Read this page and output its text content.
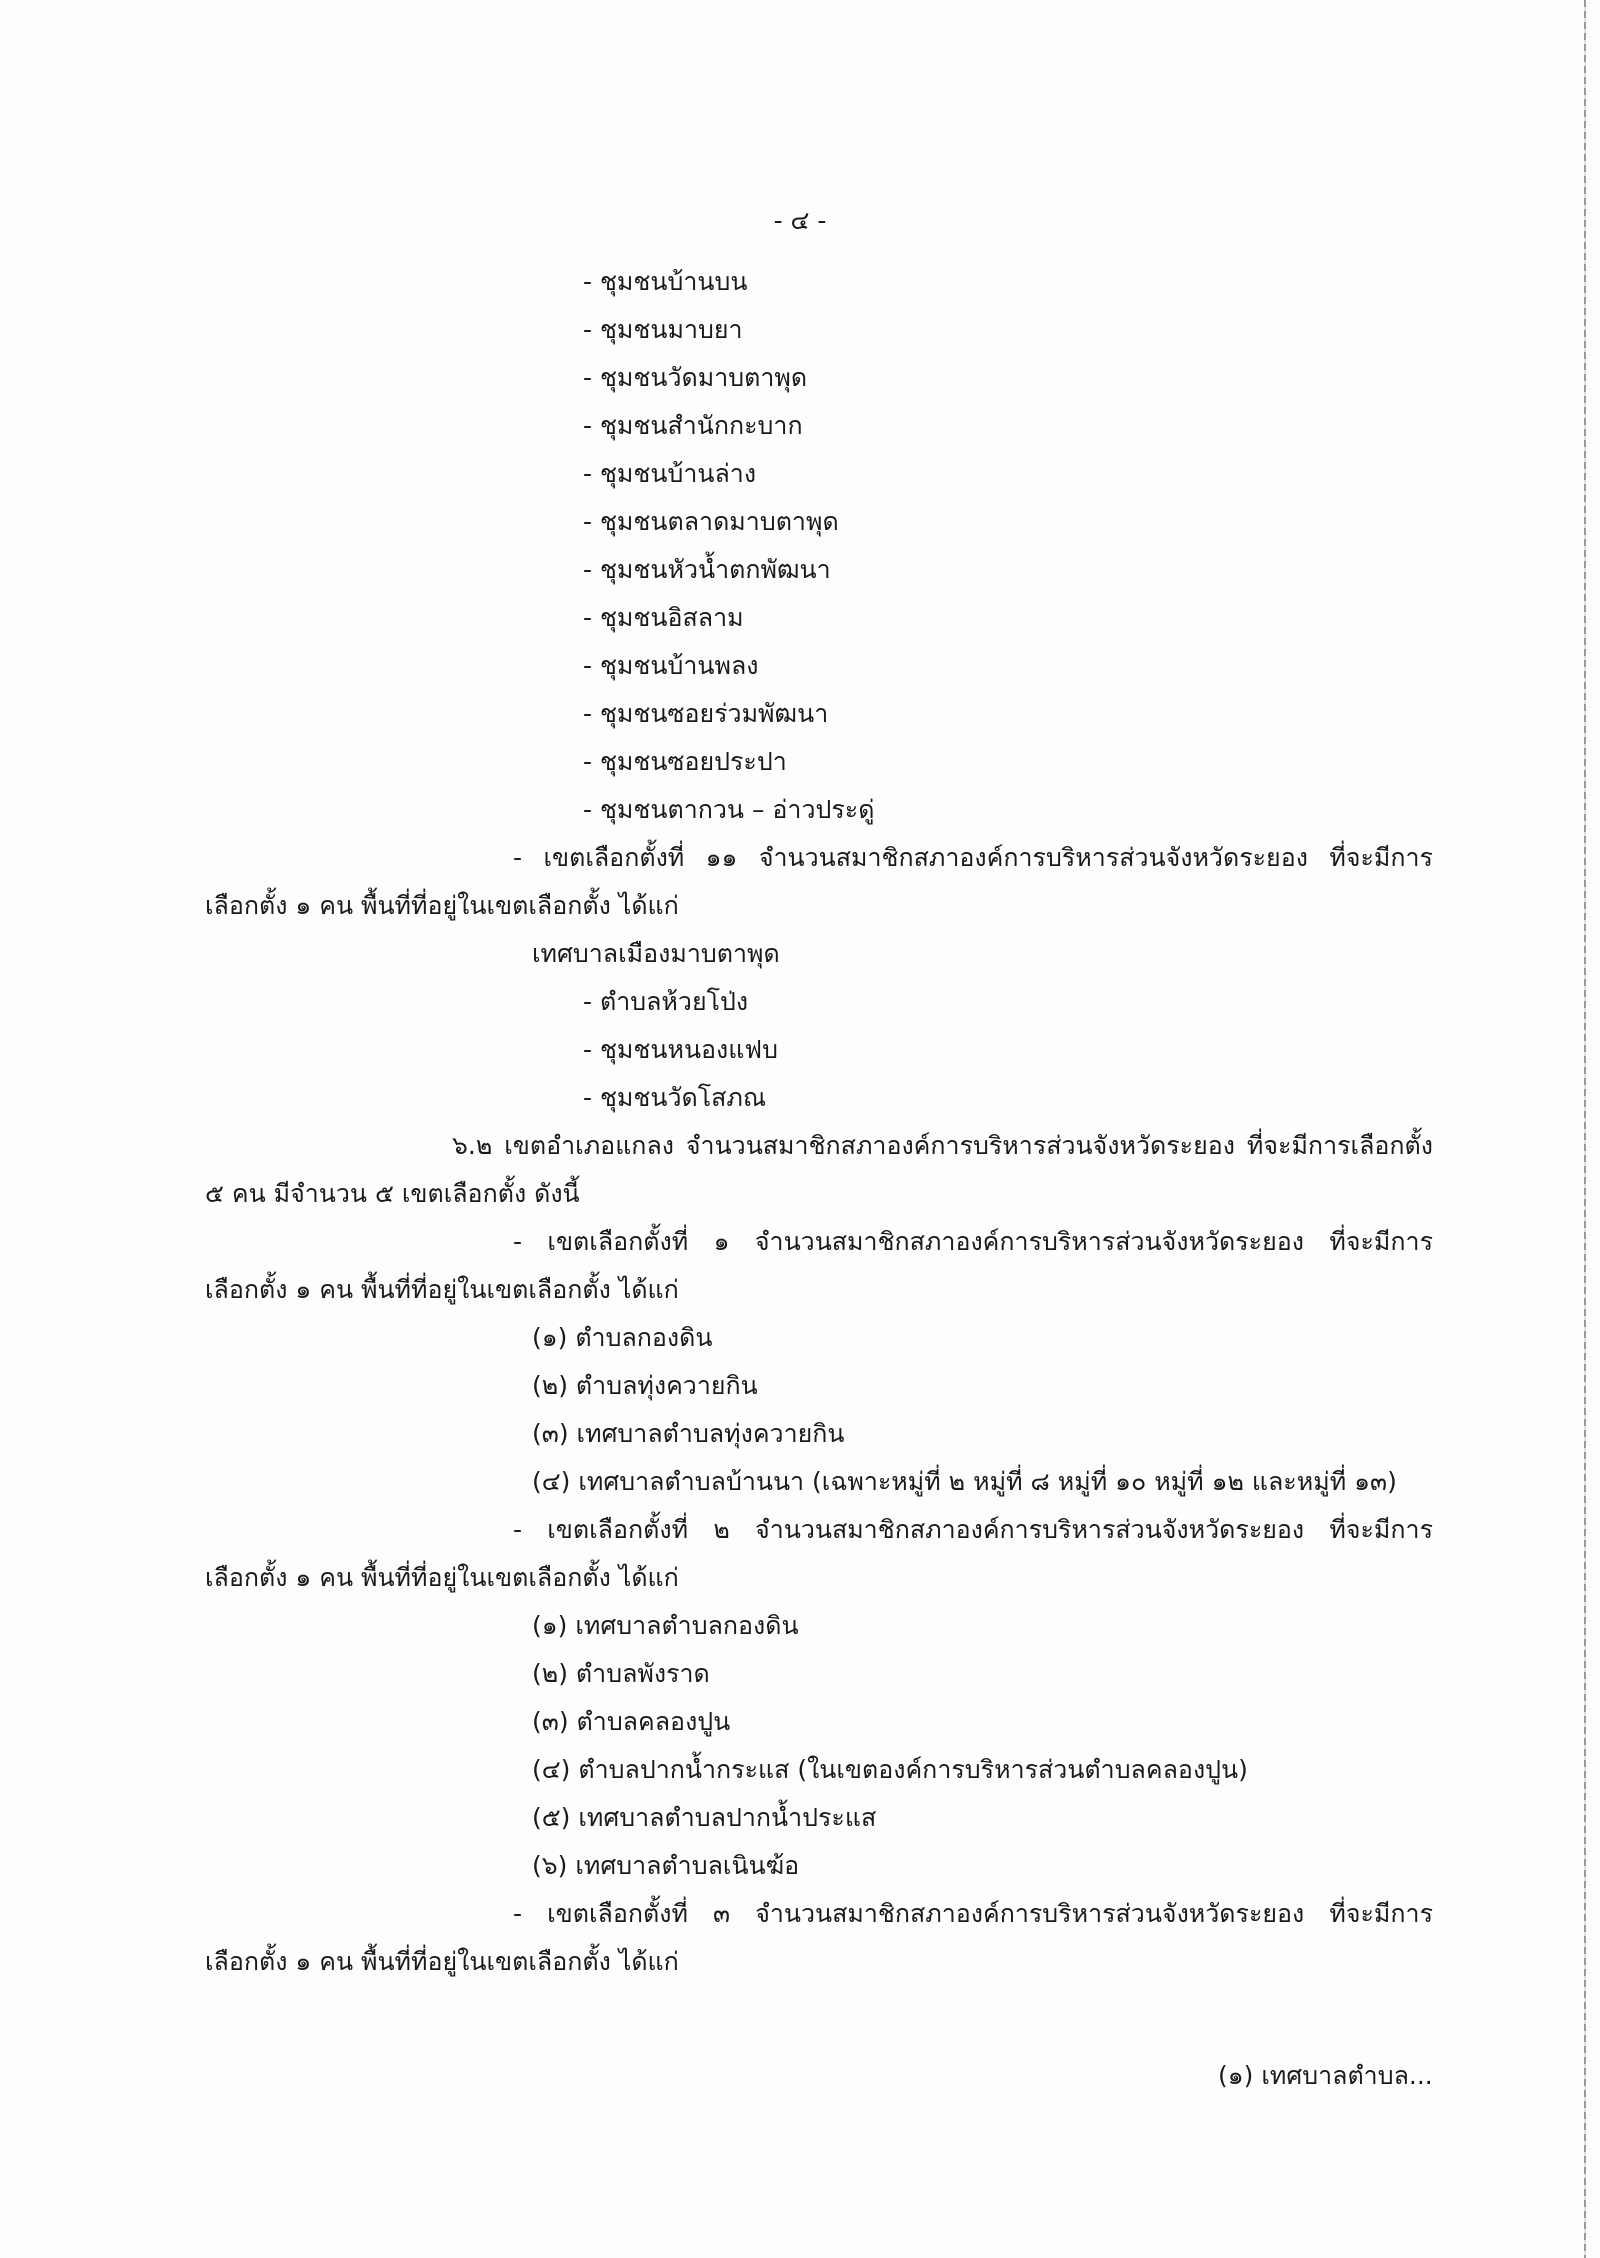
- ๔ -
- ชุมชนบ้านบน
- ชุมชนมาบยา
- ชุมชนวัดมาบตาพุด
- ชุมชนสำนักกะบาก
- ชุมชนบ้านล่าง
- ชุมชนตลาดมาบตาพุด
- ชุมชนหัวน้ำตกพัฒนา
- ชุมชนอิสลาม
- ชุมชนบ้านพลง
- ชุมชนซอยร่วมพัฒนา
- ชุมชนซอยประปา
- ชุมชนตากวน – อ่าวประดู่
- เขตเลือกตั้งที่ ๑๑ จำนวนสมาชิกสภาองค์การบริหารส่วนจังหวัดระยอง ที่จะมีการ
เลือกตั้ง ๑ คน พื้นที่ที่อยู่ในเขตเลือกตั้ง ได้แก่
เทศบาลเมืองมาบตาพุด
- ตำบลห้วยโป่ง
- ชุมชนหนองแฟบ
- ชุมชนวัดโสภณ
๖.๒ เขตอำเภอแกลง จำนวนสมาชิกสภาองค์การบริหารส่วนจังหวัดระยอง ที่จะมีการเลือกตั้ง
๕ คน มีจำนวน ๕ เขตเลือกตั้ง ดังนี้
- เขตเลือกตั้งที่ ๑ จำนวนสมาชิกสภาองค์การบริหารส่วนจังหวัดระยอง ที่จะมีการ
เลือกตั้ง ๑ คน พื้นที่ที่อยู่ในเขตเลือกตั้ง ได้แก่
(๑) ตำบลกองดิน
(๒) ตำบลทุ่งควายกิน
(๓) เทศบาลตำบลทุ่งควายกิน
(๔) เทศบาลตำบลบ้านนา (เฉพาะหมู่ที่ ๒ หมู่ที่ ๘ หมู่ที่ ๑๐ หมู่ที่ ๑๒ และหมู่ที่ ๑๓)
- เขตเลือกตั้งที่ ๒ จำนวนสมาชิกสภาองค์การบริหารส่วนจังหวัดระยอง ที่จะมีการ
เลือกตั้ง ๑ คน พื้นที่ที่อยู่ในเขตเลือกตั้ง ได้แก่
(๑) เทศบาลตำบลกองดิน
(๒) ตำบลพังราด
(๓) ตำบลคลองปูน
(๔) ตำบลปากน้ำกระแส (ในเขตองค์การบริหารส่วนตำบลคลองปูน)
(๕) เทศบาลตำบลปากน้ำประแส
(๖) เทศบาลตำบลเนินฆ้อ
- เขตเลือกตั้งที่ ๓ จำนวนสมาชิกสภาองค์การบริหารส่วนจังหวัดระยอง ที่จะมีการ
เลือกตั้ง ๑ คน พื้นที่ที่อยู่ในเขตเลือกตั้ง ได้แก่
(๑) เทศบาลตำบล...
